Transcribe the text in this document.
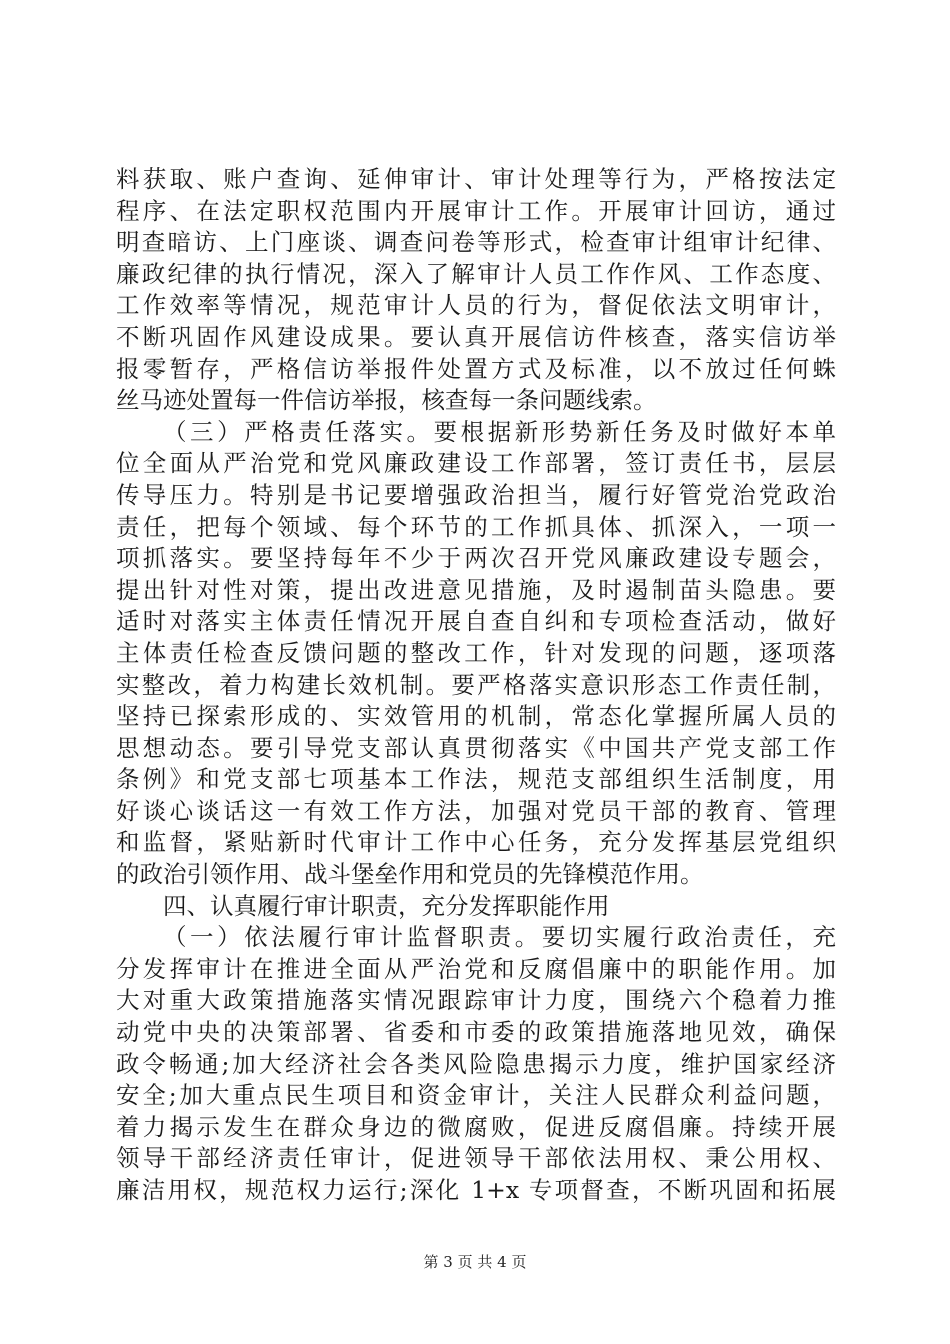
料获取、账户查询、延伸审计、审计处理等行为，严格按法定
程序、在法定职权范围内开展审计工作。开展审计回访，通过
明查暗访、上门座谈、调查问卷等形式，检查审计组审计纪律、
廉政纪律的执行情况，深入了解审计人员工作作风、工作态度、
工作效率等情况，规范审计人员的行为，督促依法文明审计，
不断巩固作风建设成果。要认真开展信访件核查，落实信访举
报零暂存，严格信访举报件处置方式及标准，以不放过任何蛛
丝马迹处置每一件信访举报，核查每一条问题线索。
（三）严格责任落实。要根据新形势新任务及时做好本单
位全面从严治党和党风廉政建设工作部署，签订责任书，层层
传导压力。特别是书记要增强政治担当，履行好管党治党政治
责任，把每个领域、每个环节的工作抓具体、抓深入，一项一
项抓落实。要坚持每年不少于两次召开党风廉政建设专题会，
提出针对性对策，提出改进意见措施，及时遏制苗头隐患。要
适时对落实主体责任情况开展自查自纠和专项检查活动，做好
主体责任检查反馈问题的整改工作，针对发现的问题，逐项落
实整改，着力构建长效机制。要严格落实意识形态工作责任制，
坚持已探索形成的、实效管用的机制，常态化掌握所属人员的
思想动态。要引导党支部认真贯彻落实《中国共产党支部工作
条例》和党支部七项基本工作法，规范支部组织生活制度，用
好谈心谈话这一有效工作方法，加强对党员干部的教育、管理
和监督，紧贴新时代审计工作中心任务，充分发挥基层党组织
的政治引领作用、战斗堡垒作用和党员的先锋模范作用。
四、认真履行审计职责，充分发挥职能作用
（一）依法履行审计监督职责。要切实履行政治责任，充
分发挥审计在推进全面从严治党和反腐倡廉中的职能作用。加
大对重大政策措施落实情况跟踪审计力度，围绕六个稳着力推
动党中央的决策部署、省委和市委的政策措施落地见效，确保
政令畅通;加大经济社会各类风险隐患揭示力度，维护国家经济
安全;加大重点民生项目和资金审计，关注人民群众利益问题，
着力揭示发生在群众身边的微腐败，促进反腐倡廉。持续开展
领导干部经济责任审计，促进领导干部依法用权、秉公用权、
廉洁用权，规范权力运行;深化 1+x 专项督查，不断巩固和拓展
第 3 页 共 4 页
